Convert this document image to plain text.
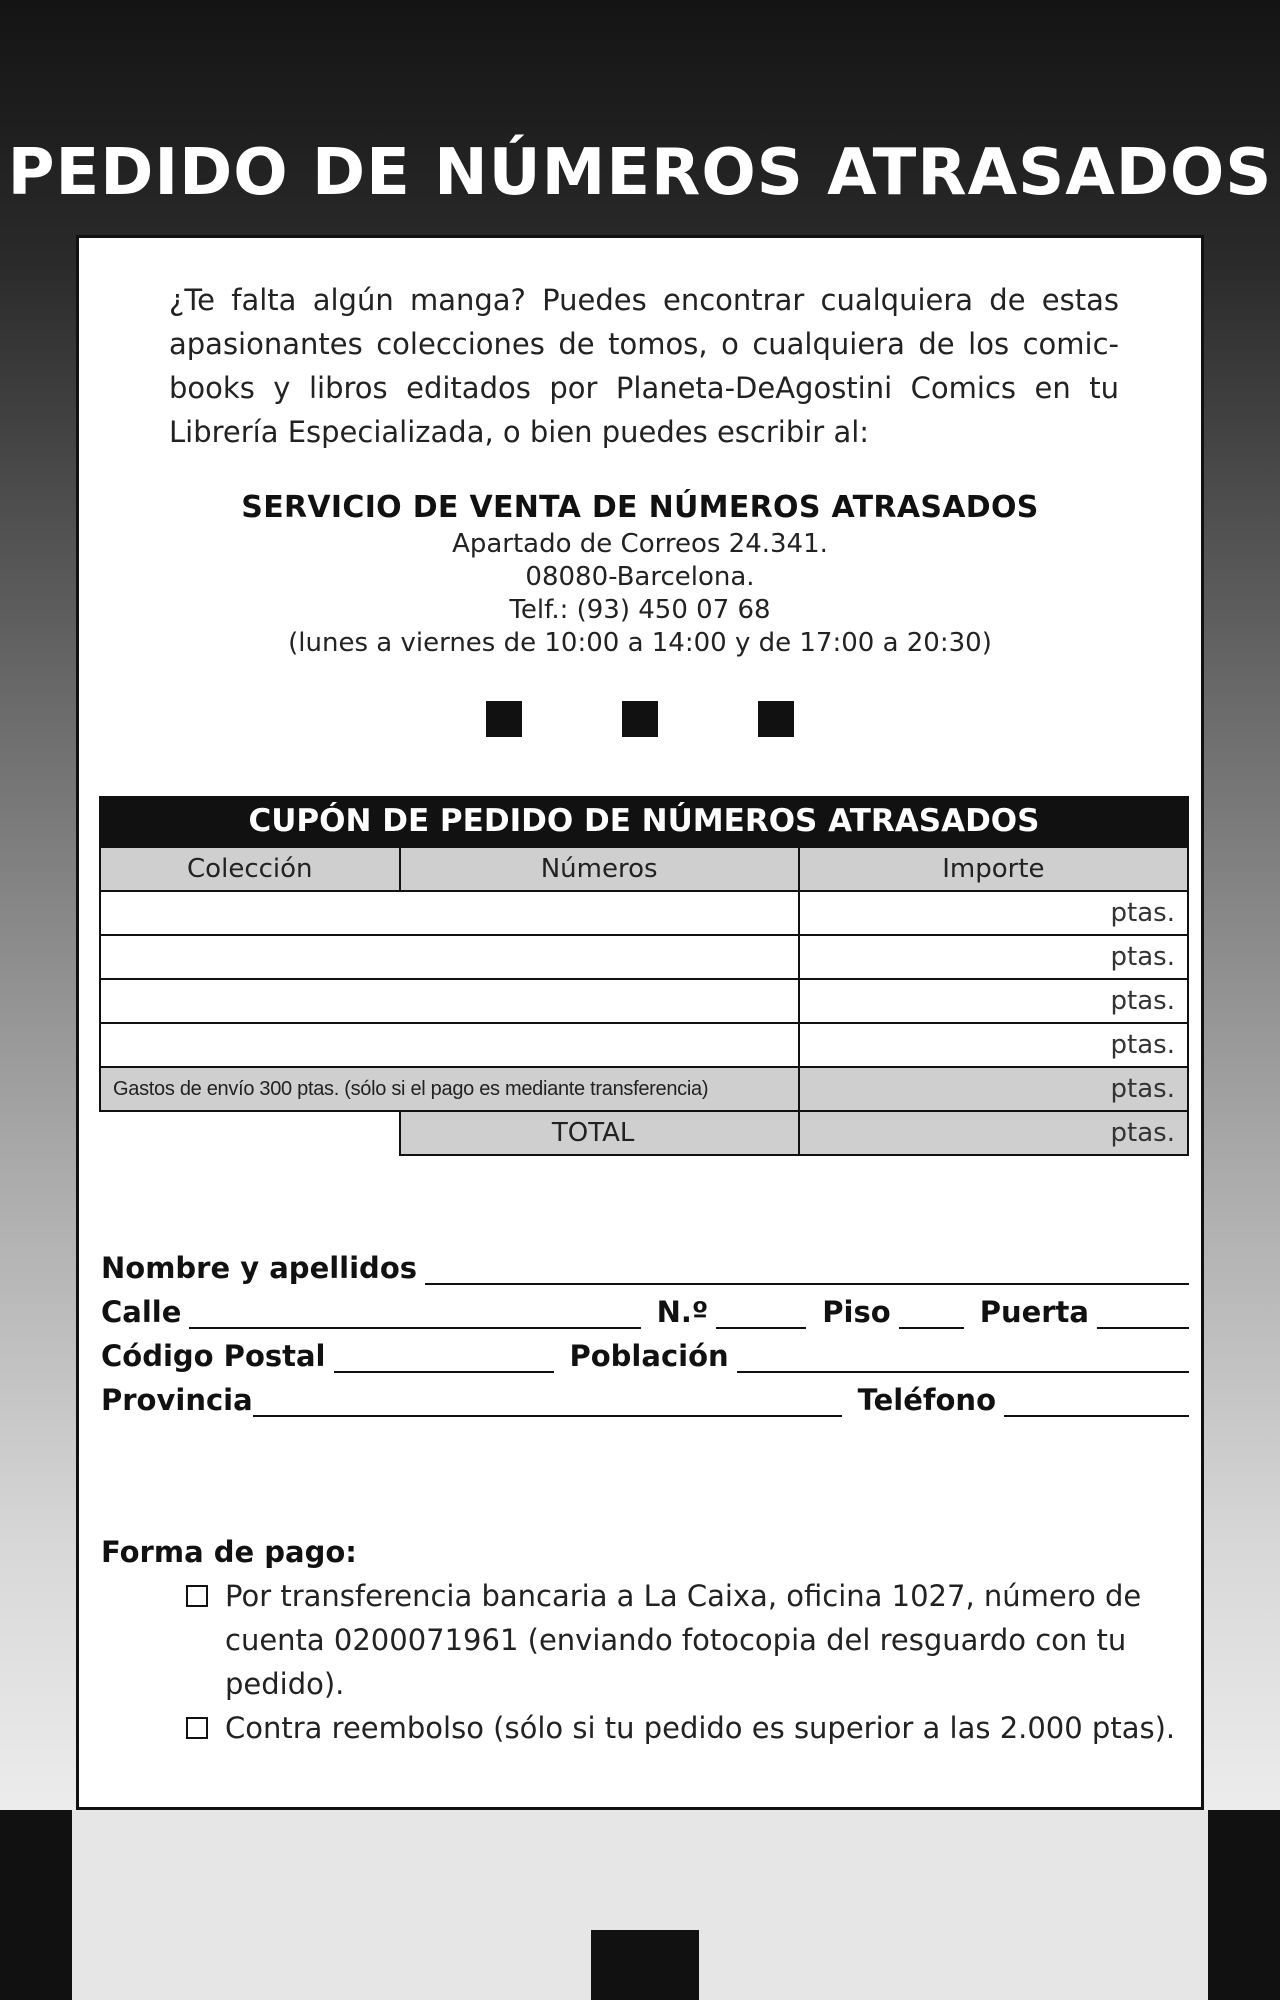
PEDIDO DE NÚMEROS ATRASADOS

¿Te falta algún manga? Puedes encontrar cualquiera de estas apasionantes colecciones de tomos, o cualquiera de los comic-books y libros editados por Planeta-DeAgostini Comics en tu Librería Especializada, o bien puedes escribir al:

SERVICIO DE VENTA DE NÚMEROS ATRASADOS
Apartado de Correos 24.341.
08080-Barcelona.
Telf.: (93) 450 07 68
(lunes a viernes de 10:00 a 14:00 y de 17:00 a 20:30)
CUPÓN DE PEDIDO DE NÚMEROS ATRASADOS
Colección	Números	Importe
		ptas.
		ptas.
		ptas.
		ptas.
Gastos de envío 300 ptas. (sólo si el pago es mediante transferencia)		ptas.
	TOTAL	ptas.
Nombre y apellidos
Calle	N.º	Piso	Puerta
Código Postal	Población
Provincia	Teléfono
Forma de pago:
Por transferencia bancaria a La Caixa, oficina 1027, número de cuenta 0200071961 (enviando fotocopia del resguardo con tu pedido).
Contra reembolso (sólo si tu pedido es superior a las 2.000 ptas).
